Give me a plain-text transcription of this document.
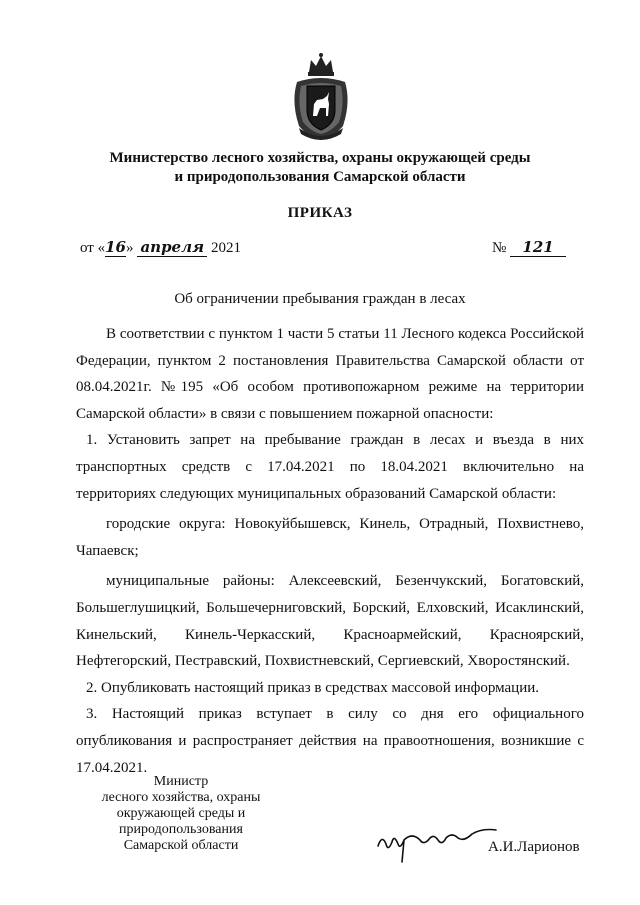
Министерство лесного хозяйства, охраны окружающей среды
и природопользования Самарской области
ПРИКАЗ
от «16» апреля 2021	№ 121
Об ограничении пребывания граждан в лесах

В соответствии с пунктом 1 части 5 статьи 11 Лесного кодекса Российской Федерации, пунктом 2 постановления Правительства Самарской области от 08.04.2021г. №195 «Об особом противопожарном режиме на территории Самарской области» в связи с повышением пожарной опасности:

1. Установить запрет на пребывание граждан в лесах и въезда в них транспортных средств с 17.04.2021 по 18.04.2021 включительно на территориях следующих муниципальных образований Самарской области:

городские округа: Новокуйбышевск, Кинель, Отрадный, Похвистнево, Чапаевск;

муниципальные районы: Алексеевский, Безенчукский, Богатовский, Большеглушицкий, Большечерниговский, Борский, Елховский, Исаклинский, Кинельский, Кинель-Черкасский, Красноармейский, Красноярский, Нефтегорский, Пестравский, Похвистневский, Сергиевский, Хворостянский.

2. Опубликовать настоящий приказ в средствах массовой информации.

3. Настоящий приказ вступает в силу со дня его официального опубликования и распространяет действия на правоотношения, возникшие с 17.04.2021.

Министр
лесного хозяйства, охраны
окружающей среды и
природопользования
Самарской области	А.И.Ларионов
